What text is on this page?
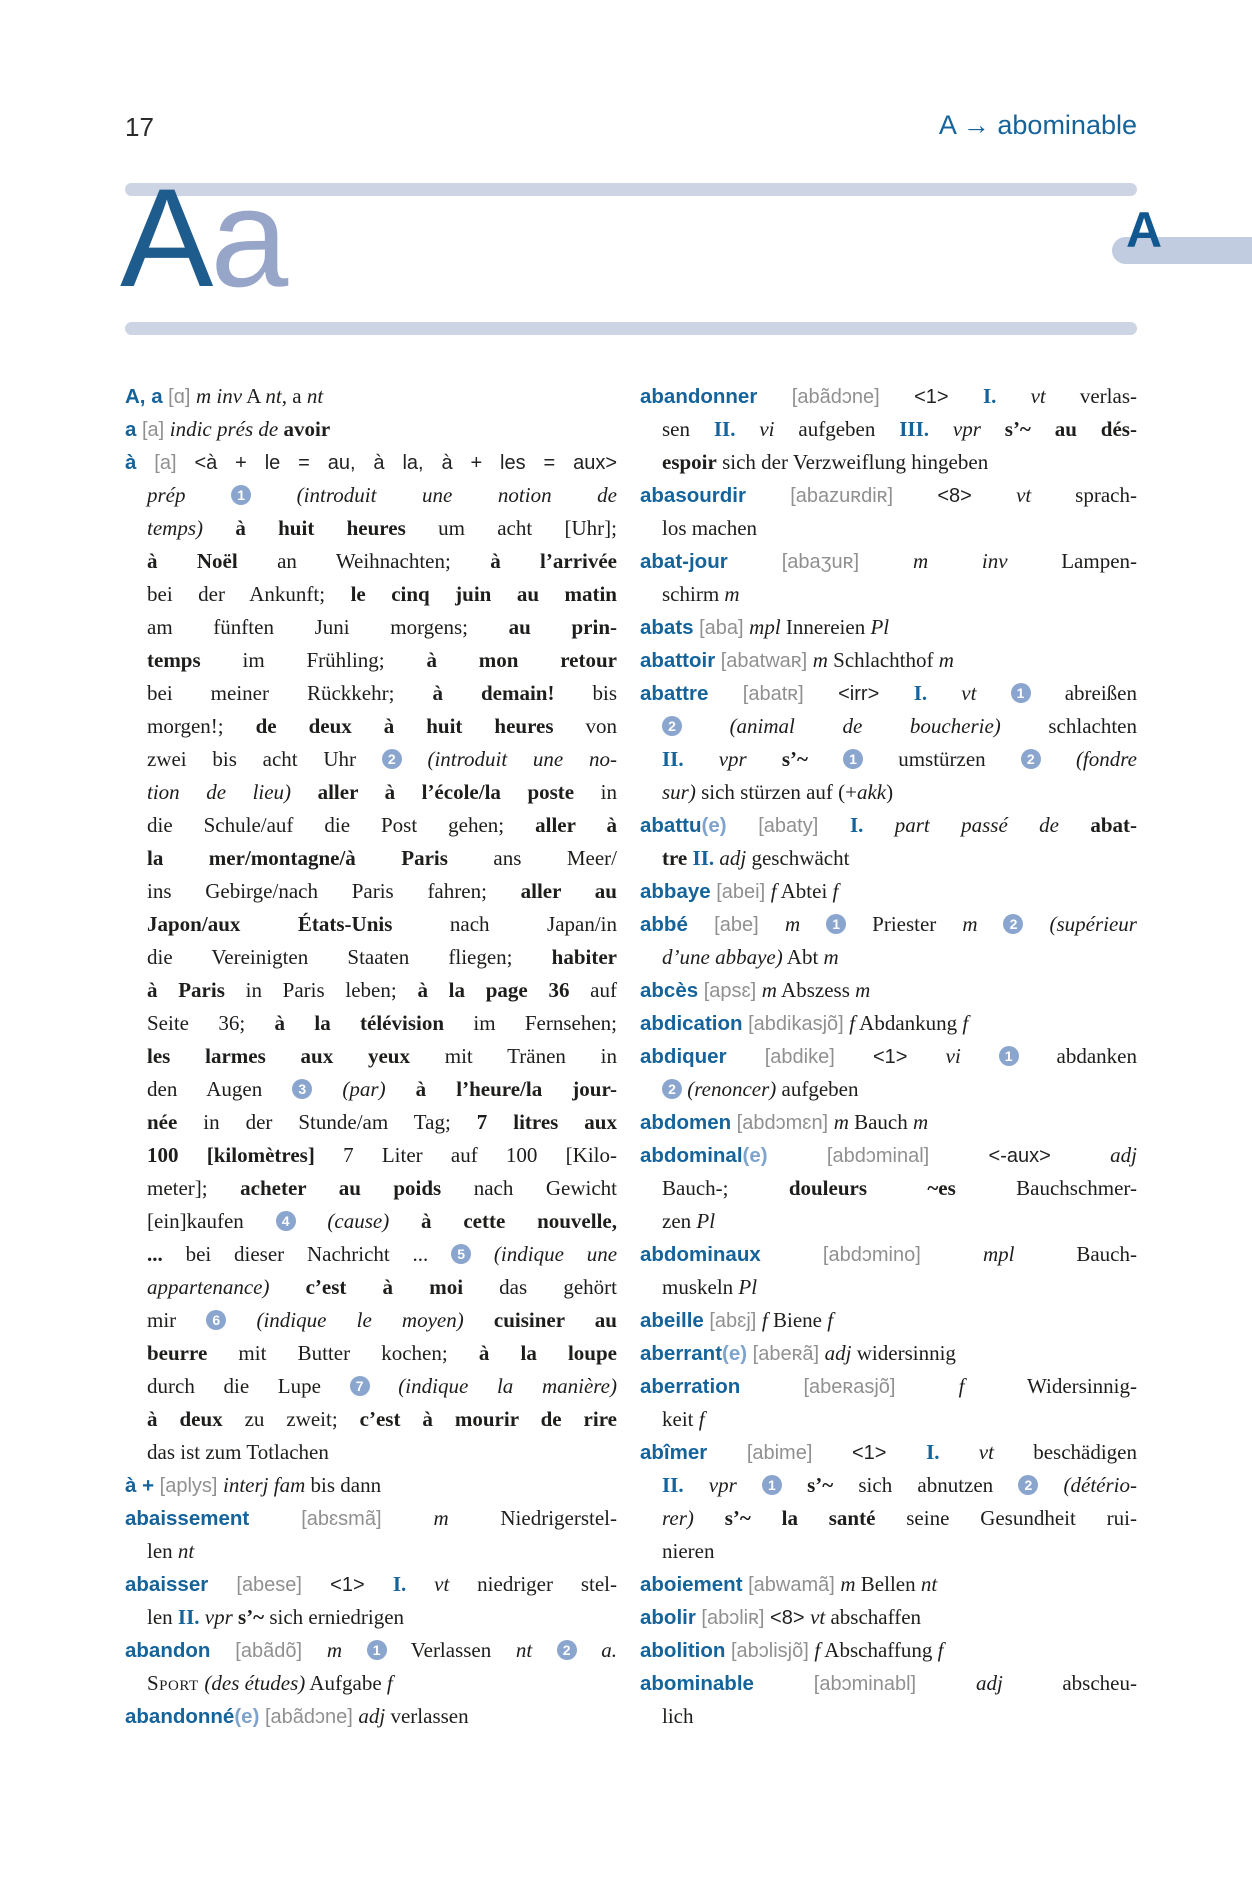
17	A → abominable
Aa	A
A, a [ɑ] m inv A nt, a nt
a [a] indic prés de avoir
à [a] <à + le = au, à la, à + les = aux>
prép 1 (introduit une notion de
temps) à huit heures um acht [Uhr];
à Noël an Weihnachten; à l’arrivée
bei der Ankunft; le cinq juin au matin
am fünften Juni morgens; au prin-
temps im Frühling; à mon retour
bei meiner Rückkehr; à demain! bis
morgen!; de deux à huit heures von
zwei bis acht Uhr 2 (introduit une no-
tion de lieu) aller à l’école/la poste in
die Schule/auf die Post gehen; aller à
la mer/montagne/à Paris ans Meer/
ins Gebirge/nach Paris fahren; aller au
Japon/aux États-Unis nach Japan/in
die Vereinigten Staaten fliegen; habiter
à Paris in Paris leben; à la page 36 auf
Seite 36; à la télévision im Fernsehen;
les larmes aux yeux mit Tränen in
den Augen 3 (par) à l’heure/la jour-
née in der Stunde/am Tag; 7 litres aux
100 [kilomètres] 7 Liter auf 100 [Kilo-
meter]; acheter au poids nach Gewicht
[ein]kaufen 4 (cause) à cette nouvelle,
... bei dieser Nachricht ... 5 (indique une
appartenance) c’est à moi das gehört
mir 6 (indique le moyen) cuisiner au
beurre mit Butter kochen; à la loupe
durch die Lupe 7 (indique la manière)
à deux zu zweit; c’est à mourir de rire
das ist zum Totlachen
à + [aplys] interj fam bis dann
abaissement [abɛsmã] m Niedrigerstel-
len nt
abaisser [abese] <1> I. vt niedriger stel-
len II. vpr s’~ sich erniedrigen
abandon [abãdõ] m 1 Verlassen nt 2 a.
Sport (des études) Aufgabe f
abandonné(e) [abãdɔne] adj verlassen
abandonner [abãdɔne] <1> I. vt verlas-
sen II. vi aufgeben III. vpr s’~ au dés-
espoir sich der Verzweiflung hingeben
abasourdir [abazuʀdiʀ] <8> vt sprach-
los machen
abat-jour [abaʒuʀ] m inv Lampen-
schirm m
abats [aba] mpl Innereien Pl
abattoir [abatwaʀ] m Schlachthof m
abattre [abatʀ] <irr> I. vt 1 abreißen
2 (animal de boucherie) schlachten
II. vpr s’~ 1 umstürzen 2 (fondre
sur) sich stürzen auf (+akk)
abattu(e) [abaty] I. part passé de abat-
tre II. adj geschwächt
abbaye [abei] f Abtei f
abbé [abe] m 1 Priester m 2 (supérieur
d’une abbaye) Abt m
abcès [apsɛ] m Abszess m
abdication [abdikasjõ] f Abdankung f
abdiquer [abdike] <1> vi 1 abdanken
2 (renoncer) aufgeben
abdomen [abdɔmɛn] m Bauch m
abdominal(e) [abdɔminal] <-aux> adj
Bauch-; douleurs ~es Bauchschmer-
zen Pl
abdominaux [abdɔmino] mpl Bauch-
muskeln Pl
abeille [abɛj] f Biene f
aberrant(e) [abeʀã] adj widersinnig
aberration [abeʀasjõ] f Widersinnig-
keit f
abîmer [abime] <1> I. vt beschädigen
II. vpr 1 s’~ sich abnutzen 2 (détério-
rer) s’~ la santé seine Gesundheit rui-
nieren
aboiement [abwamã] m Bellen nt
abolir [abɔliʀ] <8> vt abschaffen
abolition [abɔlisjõ] f Abschaffung f
abominable [abɔminabl] adj abscheu-
lich
